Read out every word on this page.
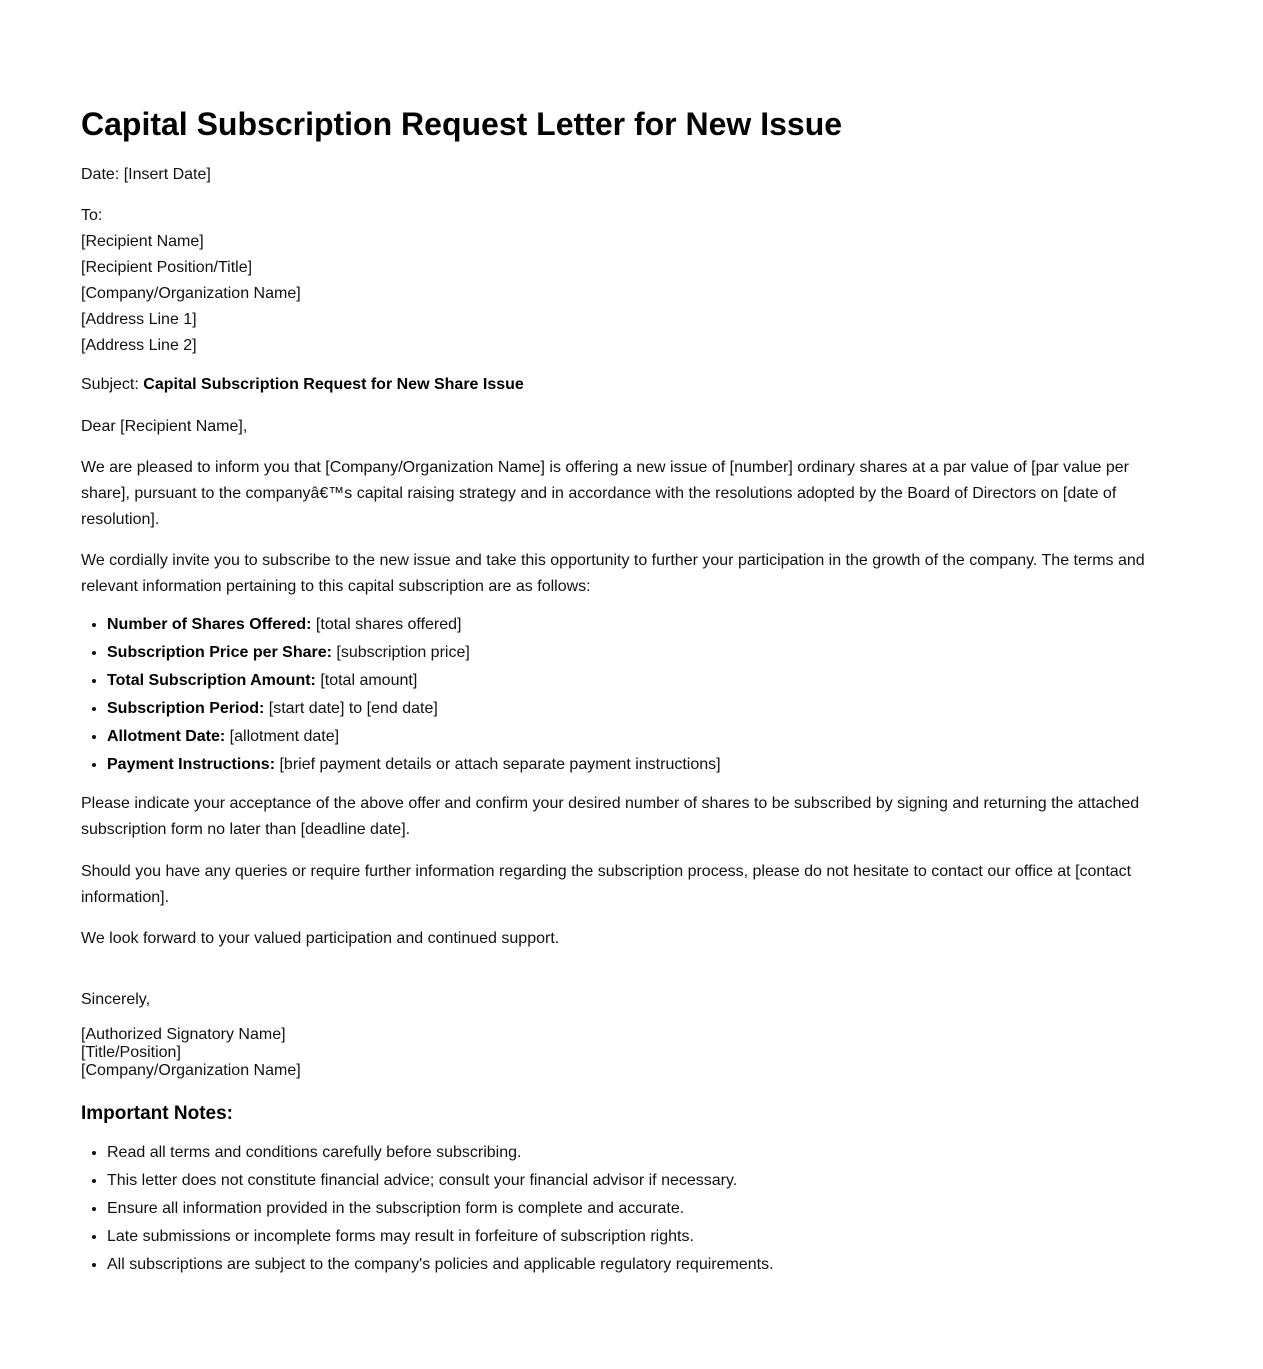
Capital Subscription Request Letter for New Issue

Date: [Insert Date]

To:
[Recipient Name]
[Recipient Position/Title]
[Company/Organization Name]
[Address Line 1]
[Address Line 2]

Subject: Capital Subscription Request for New Share Issue

Dear [Recipient Name],

We are pleased to inform you that [Company/Organization Name] is offering a new issue of [number] ordinary shares at a par value of [par value per share], pursuant to the companyâ€™s capital raising strategy and in accordance with the resolutions adopted by the Board of Directors on [date of resolution].

We cordially invite you to subscribe to the new issue and take this opportunity to further your participation in the growth of the company. The terms and relevant information pertaining to this capital subscription are as follows:

• Number of Shares Offered: [total shares offered]
• Subscription Price per Share: [subscription price]
• Total Subscription Amount: [total amount]
• Subscription Period: [start date] to [end date]
• Allotment Date: [allotment date]
• Payment Instructions: [brief payment details or attach separate payment instructions]

Please indicate your acceptance of the above offer and confirm your desired number of shares to be subscribed by signing and returning the attached subscription form no later than [deadline date].

Should you have any queries or require further information regarding the subscription process, please do not hesitate to contact our office at [contact information].

We look forward to your valued participation and continued support.

Sincerely,

[Authorized Signatory Name]
[Title/Position]
[Company/Organization Name]
Important Notes:
• Read all terms and conditions carefully before subscribing.
• This letter does not constitute financial advice; consult your financial advisor if necessary.
• Ensure all information provided in the subscription form is complete and accurate.
• Late submissions or incomplete forms may result in forfeiture of subscription rights.
• All subscriptions are subject to the company's policies and applicable regulatory requirements.
